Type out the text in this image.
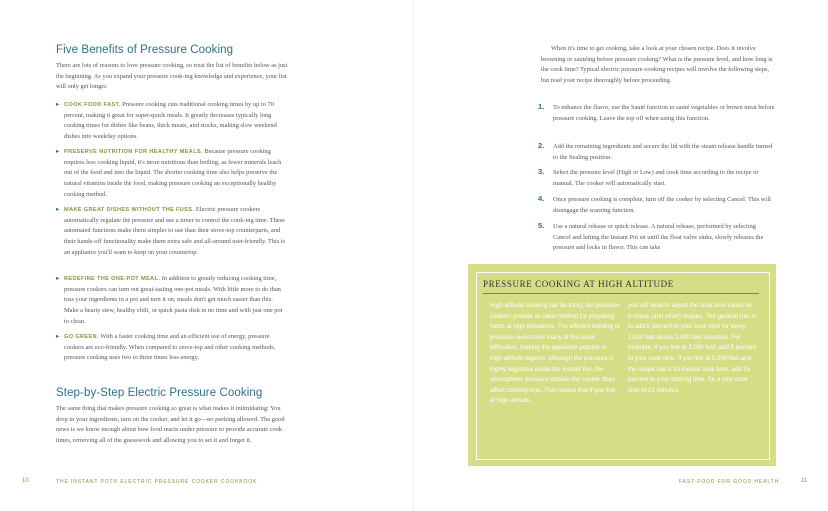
Five Benefits of Pressure Cooking
There are lots of reasons to love pressure cooking, so treat the list of benefits below as just the beginning. As you expand your pressure cook-ing knowledge and experience, your list will only get longer.
▸ COOK FOOD FAST. Pressure cooking cuts traditional cooking times by up to 70 percent, making it great for super-quick meals. It greatly decreases typically long cooking times for dishes like beans, thick meats, and stocks, making slow weekend dishes into weekday options.
▸ PRESERVE NUTRITION FOR HEALTHY MEALS. Because pressure cooking requires less cooking liquid, it's more nutritious than boiling, as fewer minerals leach out of the food and into the liquid. The shorter cooking time also helps preserve the natural vitamins inside the food, making pressure cooking an exceptionally healthy cooking method.
▸ MAKE GREAT DISHES WITHOUT THE FUSS. Electric pressure cookers automatically regulate the pressure and use a timer to control the cook-ing time. These automated functions make them simpler to use than their stove-top counterparts, and their hands-off functionality make them extra safe and all-around user-friendly. This is an appliance you'll want to keep on your countertop.
▸ REDEFINE THE ONE-POT MEAL. In addition to greatly reducing cooking time, pressure cookers can turn out great-tasting one-pot meals. With little more to do than toss your ingredients in a pot and turn it on, meals don't get much easier than this. Make a hearty stew, healthy chili, or quick pasta dish in no time and with just one pot to clean.
▸ GO GREEN. With a faster cooking time and an efficient use of energy, pressure cookers are eco-friendly. When compared to stove-top and other cooking methods, pressure cooking uses two to three times less energy.
Step-by-Step Electric Pressure Cooking
The same thing that makes pressure cooking so great is what makes it intimidating: You drop in your ingredients, turn on the cooker, and let it go—no peeking allowed. The good news is we know enough about how food reacts under pressure to provide accurate cook times, removing all of the guesswork and allowing you to set it and forget it.
10	THE INSTANT POT® ELECTRIC PRESSURE COOKER COOKBOOK
When it's time to get cooking, take a look at your chosen recipe. Does it involve browning or sautéing before pressure cooking? What is the pressure level, and how long is the cook time? Typical electric pressure-cooking recipes will involve the following steps, but read your recipe thoroughly before proceeding.
1. To enhance the flavor, use the Sauté function to sauté vegetables or brown meat before pressure cooking. Leave the top off when using this function.
2. Add the remaining ingredients and secure the lid with the steam release handle turned to the Sealing position.
3. Select the pressure level (High or Low) and cook time according to the recipe or manual. The cooker will automatically start.
4. Once pressure cooking is complete, turn off the cooker by selecting Cancel. This will disengage the warning function.
5. Use a natural release or quick release. A natural release, performed by selecting Cancel and letting the Instant Pot sit until the float valve sinks, slowly releases the pressure and locks in flavor. This can take
PRESSURE COOKING AT HIGH ALTITUDE
High-altitude cooking can be tricky, but pressure cookers provide an ideal method for preparing foods at high elevations. The efficient building of pressure overcomes many of the usual difficulties, making the appliance popular in high-altitude regions. Although the pressure is highly regulated inside the Instant Pot, the atmospheric pressure outside the cooker does affect cooking time. That means that if you live at high altitude,
you will need to adjust the cook time called for in these (and other) recipes. The general rule is to add 5 percent to your cook time for every 1,000 feet above 2,000 feet elevation. For example, if you live at 3,000 feet, add 5 percent to your cook time. If you live at 5,000 feet and the recipe has a 20-minute cook time, add 15 percent to your cooking time, for a new cook time of 23 minutes.
FAST FOOD FOR GOOD HEALTH	11
